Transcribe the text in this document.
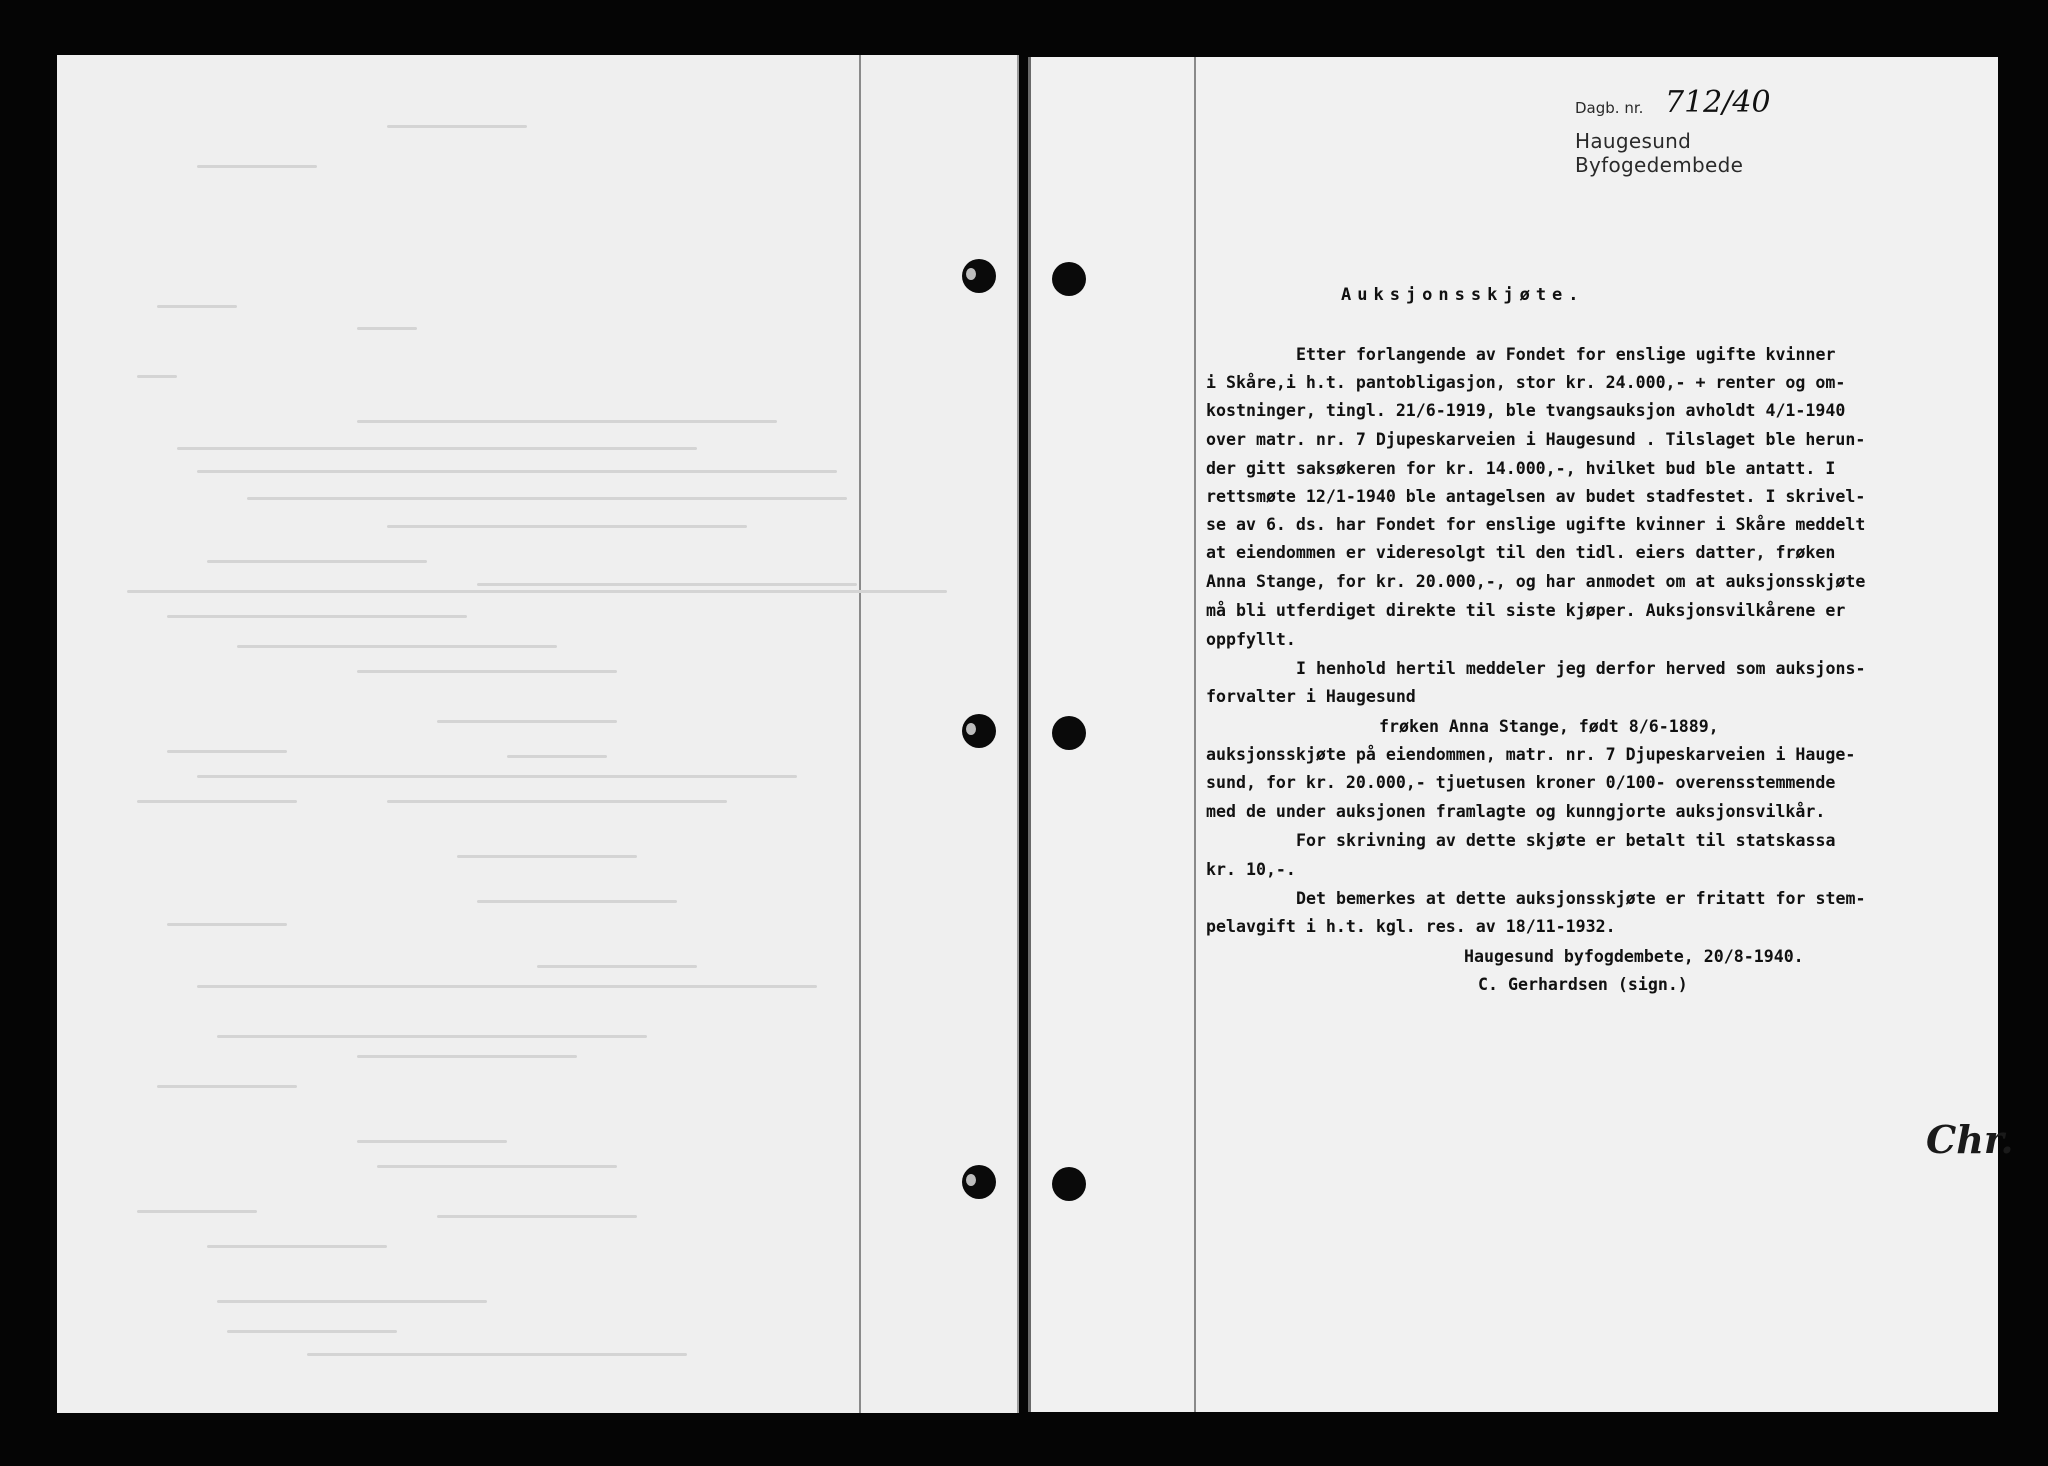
Dagb. nr. 712/40
Haugesund Byfogedembede
Auksjonsskjøte.
Etter forlangende av Fondet for enslige ugifte kvinner
i Skåre,i h.t. pantobligasjon, stor kr. 24.000,- + renter og om-
kostninger, tingl. 21/6-1919, ble tvangsauksjon avholdt 4/1-1940
over matr. nr. 7 Djupeskarveien i Haugesund . Tilslaget ble herun-
der gitt saksøkeren for kr. 14.000,-, hvilket bud ble antatt. I
rettsmøte 12/1-1940 ble antagelsen av budet stadfestet. I skrivel-
se av 6. ds. har Fondet for enslige ugifte kvinner i Skåre meddelt
at eiendommen er videresolgt til den tidl. eiers datter, frøken
Anna Stange, for kr. 20.000,-, og har anmodet om at auksjonsskjøte
må bli utferdiget direkte til siste kjøper. Auksjonsvilkårene er
oppfyllt.
I henhold hertil meddeler jeg derfor herved som auksjons-
forvalter i Haugesund
frøken Anna Stange, født 8/6-1889,
auksjonsskjøte på eiendommen, matr. nr. 7 Djupeskarveien i Hauge-
sund, for kr. 20.000,- tjuetusen kroner 0/100- overensstemmende
med de under auksjonen framlagte og kunngjorte auksjonsvilkår.
For skrivning av dette skjøte er betalt til statskassa
kr. 10,-.
Det bemerkes at dette auksjonsskjøte er fritatt for stem-
pelavgift i h.t. kgl. res. av 18/11-1932.
Haugesund byfogdembete, 20/8-1940.
C. Gerhardsen (sign.)
Chr.
